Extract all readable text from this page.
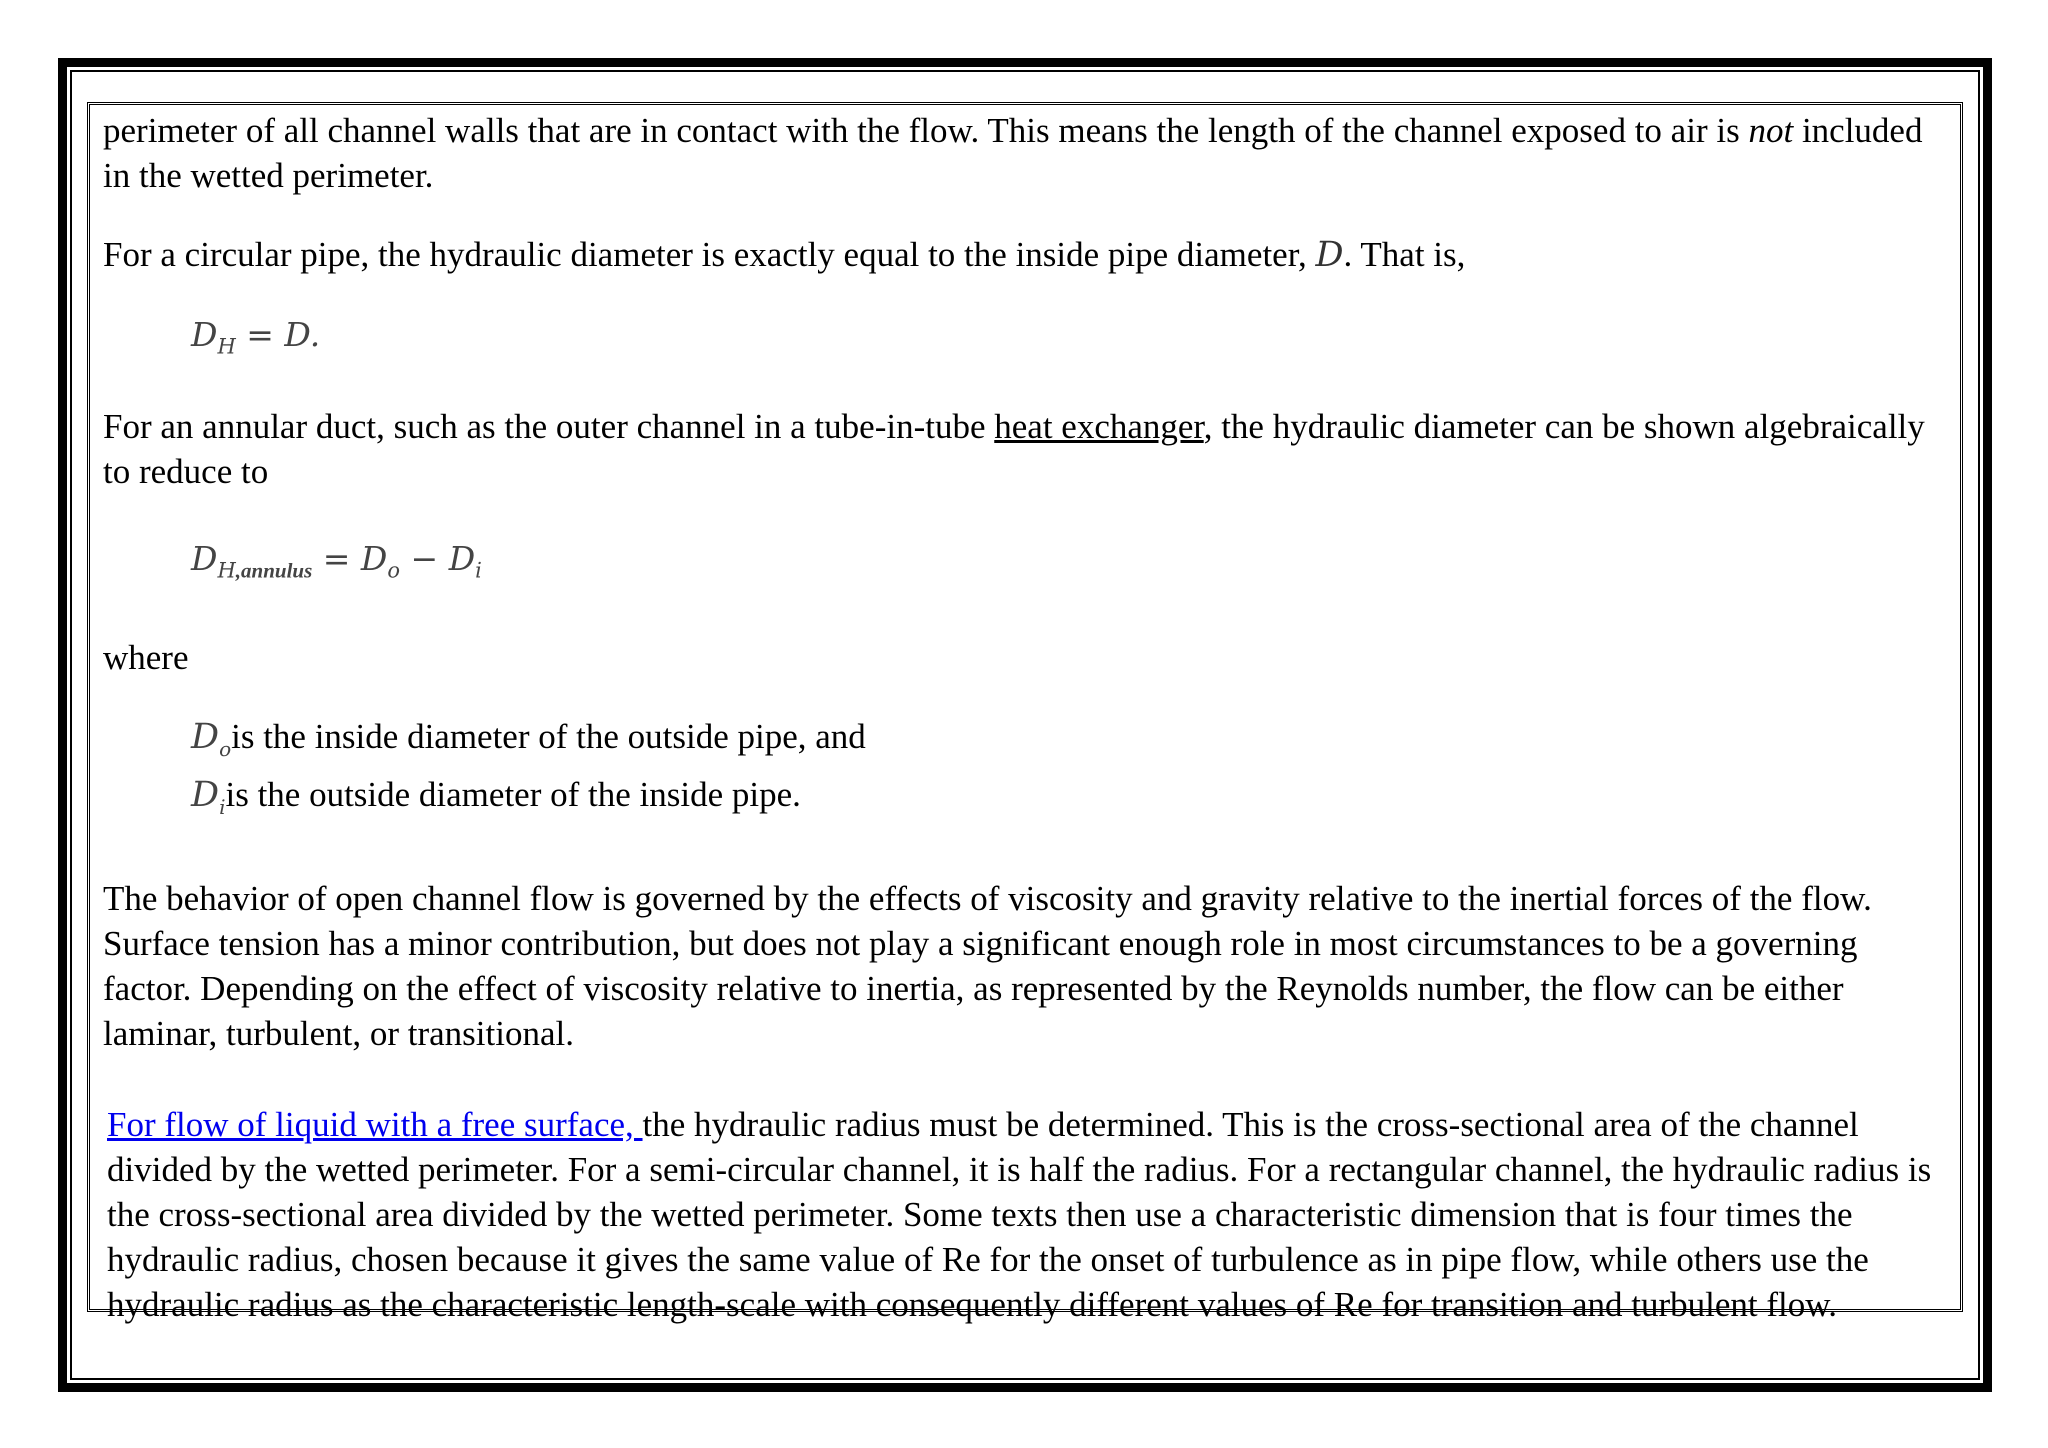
perimeter of all channel walls that are in contact with the flow. This means the length of the channel exposed to air is not included in the wetted perimeter.

For a circular pipe, the hydraulic diameter is exactly equal to the inside pipe diameter, D. That is,

$D_H = D$.

For an annular duct, such as the outer channel in a tube-in-tube heat exchanger, the hydraulic diameter can be shown algebraically to reduce to

$D_{H,annulus} = D_o - D_i$

where

$D_ois$ the inside diameter of the outside pipe, and

$D_iis$ the outside diameter of the inside pipe.

The behavior of open channel flow is governed by the effects of viscosity and gravity relative to the inertial forces of the flow. Surface tension has a minor contribution, but does not play a significant enough role in most circumstances to be a governing factor. Depending on the effect of viscosity relative to inertia, as represented by the Reynolds number, the flow can be either laminar, turbulent, or transitional.

For flow of liquid with a free surface, the hydraulic radius must be determined. This is the cross-sectional area of the channel divided by the wetted perimeter. For a semi-circular channel, it is half the radius. For a rectangular channel, the hydraulic radius is the cross-sectional area divided by the wetted perimeter. Some texts then use a characteristic dimension that is four times the hydraulic radius, chosen because it gives the same value of Re for the onset of turbulence as in pipe flow, while others use the hydraulic radius as the characteristic length-scale with consequently different values of Re for transition and turbulent flow.
